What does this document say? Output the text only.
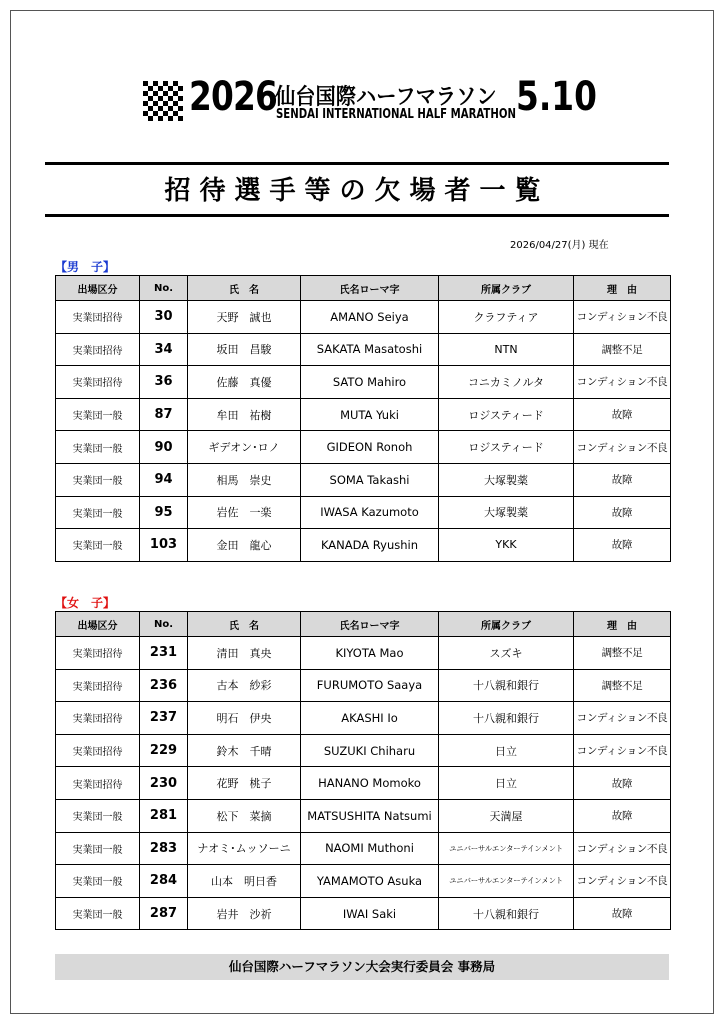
2026
仙台国際ハーフマラソン
SENDAI INTERNATIONAL HALF MARATHON 5.10
招待選手等の欠場者一覧
2026/04/27(月) 現在
【男　子】
出場区分	No.	氏　名	氏名ローマ字	所属クラブ	理　由
実業団招待	30	天野　誠也	AMANO Seiya	クラフティア	コンディション不良
実業団招待	34	坂田　昌駿	SAKATA Masatoshi	NTN	調整不足
実業団招待	36	佐藤　真優	SATO Mahiro	コニカミノルタ	コンディション不良
実業団一般	87	牟田　祐樹	MUTA Yuki	ロジスティード	故障
実業団一般	90	ギデオン･ロノ	GIDEON Ronoh	ロジスティード	コンディション不良
実業団一般	94	相馬　崇史	SOMA Takashi	大塚製薬	故障
実業団一般	95	岩佐　一楽	IWASA Kazumoto	大塚製薬	故障
実業団一般	103	金田　龍心	KANADA Ryushin	YKK	故障
【女　子】
出場区分	No.	氏　名	氏名ローマ字	所属クラブ	理　由
実業団招待	231	清田　真央	KIYOTA Mao	スズキ	調整不足
実業団招待	236	古本　紗彩	FURUMOTO Saaya	十八親和銀行	調整不足
実業団招待	237	明石　伊央	AKASHI Io	十八親和銀行	コンディション不良
実業団招待	229	鈴木　千晴	SUZUKI Chiharu	日立	コンディション不良
実業団招待	230	花野　桃子	HANANO Momoko	日立	故障
実業団一般	281	松下　菜摘	MATSUSHITA Natsumi	天満屋	故障
実業団一般	283	ナオミ･ムッソーニ	NAOMI Muthoni	ユニバーサルエンターテインメント	コンディション不良
実業団一般	284	山本　明日香	YAMAMOTO Asuka	ユニバーサルエンターテインメント	コンディション不良
実業団一般	287	岩井　沙祈	IWAI Saki	十八親和銀行	故障
仙台国際ハーフマラソン大会実行委員会 事務局
